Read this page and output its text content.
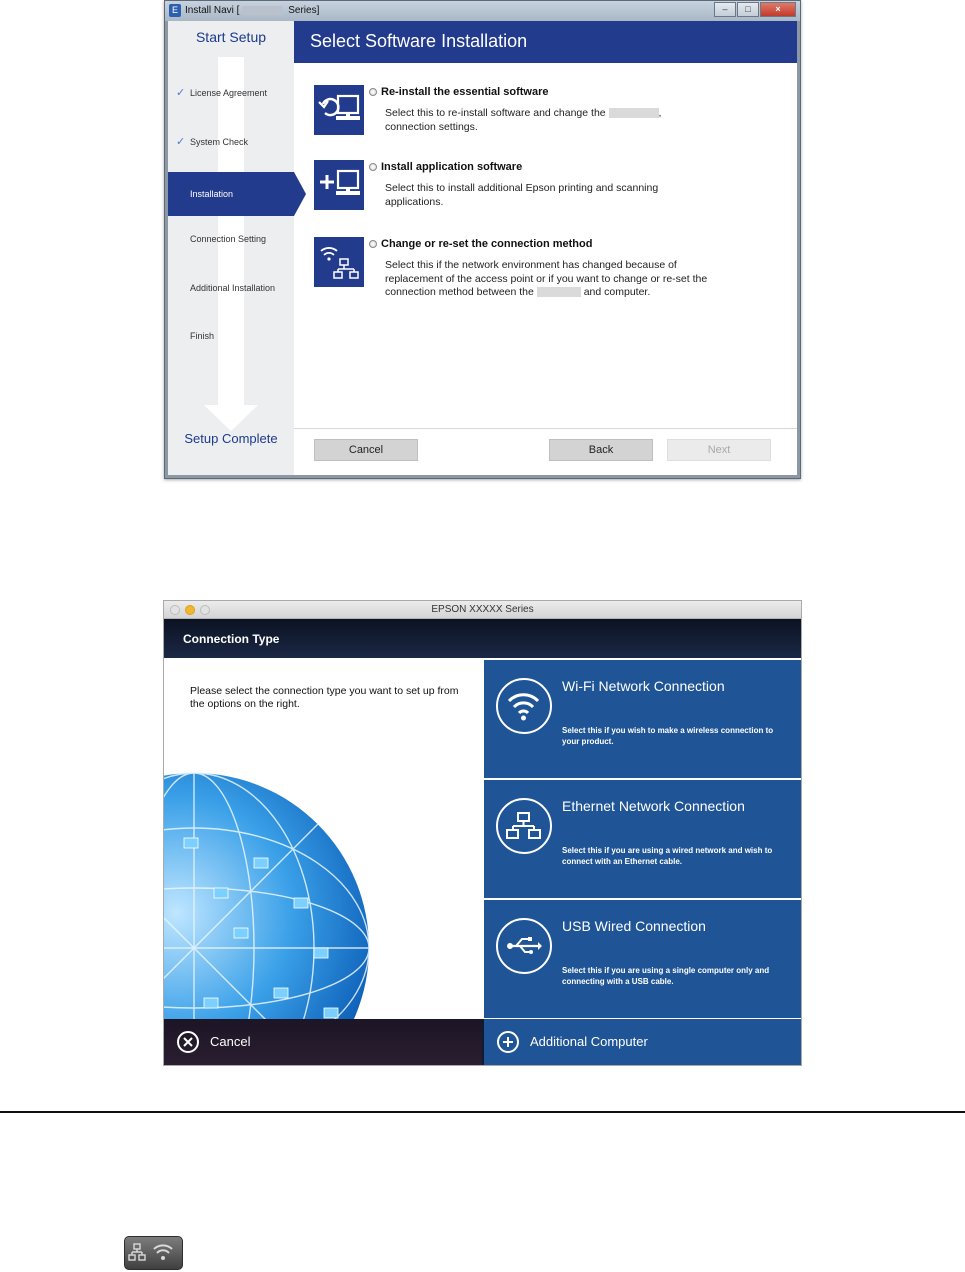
E Install Navi [	Series]	–	□	×
Start Setup
✓ License Agreement
✓ System Check
Installation
Connection Setting
Additional Installation
Finish
Setup Complete
Select Software Installation
Re-install the essential software
Select this to re-install software and change the	,
connection settings.
Install application software
Select this to install additional Epson printing and scanning applications.
Change or re-set the connection method
Select this if the network environment has changed because of replacement of the access point or if you want to change or re-set the connection method between the	and computer.
Cancel	Back	Next
EPSON XXXXX Series
Connection Type
Please select the connection type you want to set up from the options on the right.
Wi-Fi Network Connection
Select this if you wish to make a wireless connection to your product.
Ethernet Network Connection
Select this if you are using a wired network and wish to connect with an Ethernet cable.
USB Wired Connection
Select this if you are using a single computer only and connecting with a USB cable.
Cancel	Additional Computer
